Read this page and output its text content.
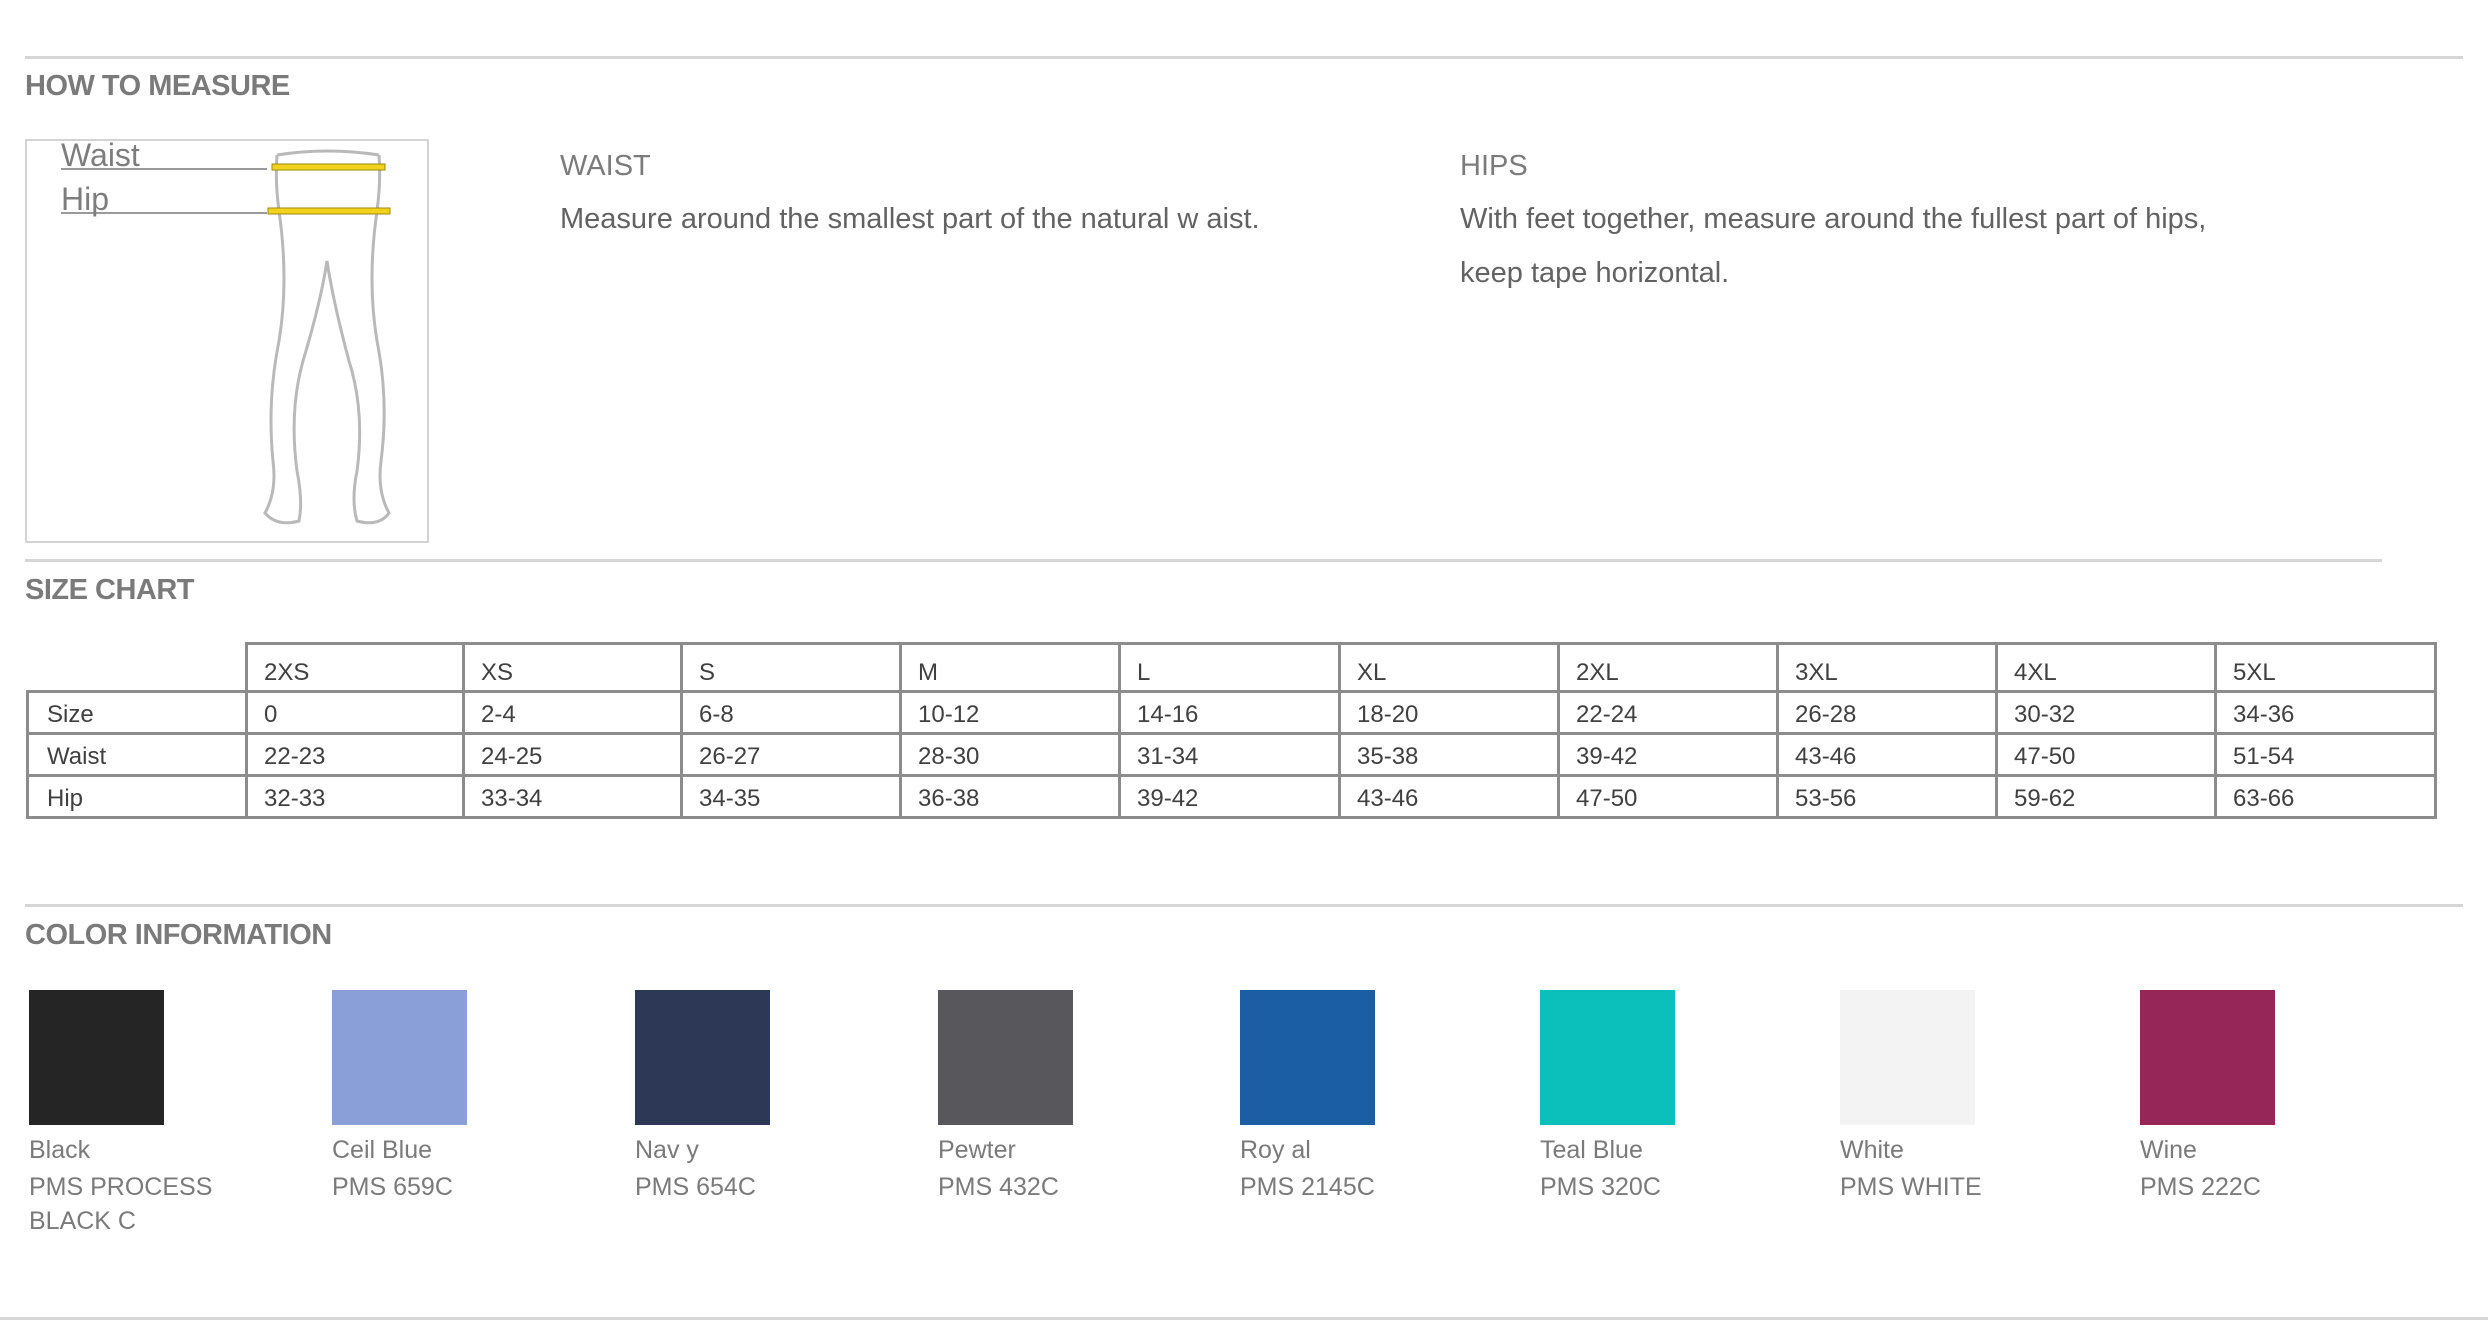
HOW TO MEASURE
Waist
Hip
WAIST
Measure around the smallest part of the natural w aist.
HIPS
With feet together, measure around the fullest part of hips,
keep tape horizontal.
SIZE CHART
	2XS	XS	S	M	L	XL	2XL	3XL	4XL	5XL
Size	0	2-4	6-8	10-12	14-16	18-20	22-24	26-28	30-32	34-36
Waist	22-23	24-25	26-27	28-30	31-34	35-38	39-42	43-46	47-50	51-54
Hip	32-33	33-34	34-35	36-38	39-42	43-46	47-50	53-56	59-62	63-66
COLOR INFORMATION
Black
PMS PROCESS BLACK C
Ceil Blue
PMS 659C
Nav y
PMS 654C
Pewter
PMS 432C
Roy al
PMS 2145C
Teal Blue
PMS 320C
White
PMS WHITE
Wine
PMS 222C
